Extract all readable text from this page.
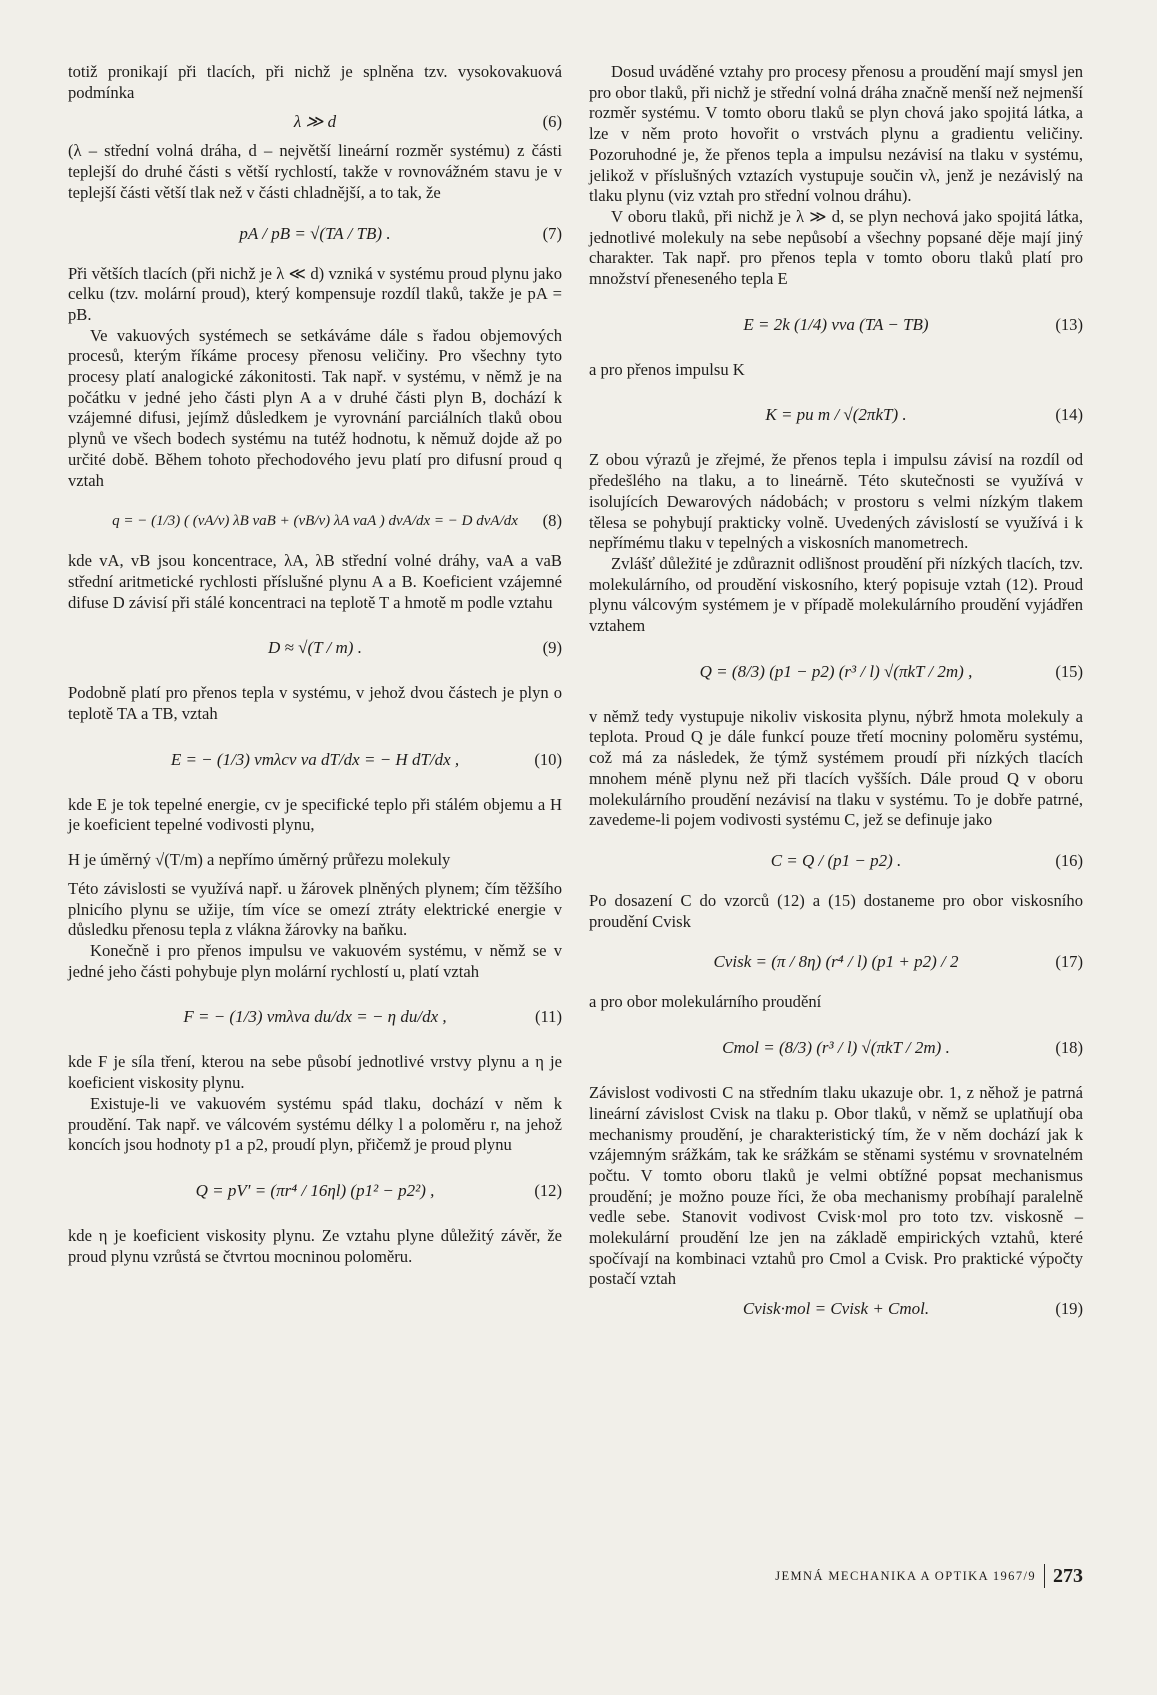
totiž pronikají při tlacích, při nichž je splněna tzv. vysokovakuová podmínka

λ ≫ d	(6)

(λ – střední volná dráha, d – největší lineární rozměr systému) z části teplejší do druhé části s větší rychlostí, takže v rovnovážném stavu je v teplejší části větší tlak než v části chladnější, a to tak, že

pA / pB = √(TA / TB) .	(7)

Při větších tlacích (při nichž je λ ≪ d) vzniká v systému proud plynu jako celku (tzv. molární proud), který kompensuje rozdíl tlaků, takže je pA = pB.

Ve vakuových systémech se setkáváme dále s řadou objemových procesů, kterým říkáme procesy přenosu veličiny. Pro všechny tyto procesy platí analogické zákonitosti. Tak např. v systému, v němž je na počátku v jedné jeho části plyn A a v druhé části plyn B, dochází k vzájemné difusi, jejímž důsledkem je vyrovnání parciálních tlaků obou plynů ve všech bodech systému na tutéž hodnotu, k němuž dojde až po určité době. Během tohoto přechodového jevu platí pro difusní proud q vztah

q = − (1/3) ( (vA/v) λB vaB + (vB/v) λA vaA ) dvA/dx = − D dvA/dx (8)

kde vA, vB jsou koncentrace, λA, λB střední volné dráhy, vaA a vaB střední aritmetické rychlosti příslušné plynu A a B. Koeficient vzájemné difuse D závisí při stálé koncentraci na teplotě T a hmotě m podle vztahu

D ≈ √(T / m) .	(9)

Podobně platí pro přenos tepla v systému, v jehož dvou částech je plyn o teplotě TA a TB, vztah

E = − (1/3) vmλcv va dT/dx = − H dT/dx ,	(10)

kde E je tok tepelné energie, cv je specifické teplo při stálém objemu a H je koeficient tepelné vodivosti plynu,

H je úměrný √(T/m) a nepřímo úměrný průřezu molekuly

Této závislosti se využívá např. u žárovek plněných plynem; čím těžšího plnicího plynu se užije, tím více se omezí ztráty elektrické energie v důsledku přenosu tepla z vlákna žárovky na baňku.

Konečně i pro přenos impulsu ve vakuovém systému, v němž se v jedné jeho části pohybuje plyn molární rychlostí u, platí vztah

F = − (1/3) vmλva du/dx = − η du/dx ,	(11)

kde F je síla tření, kterou na sebe působí jednotlivé vrstvy plynu a η je koeficient viskosity plynu.

Existuje-li ve vakuovém systému spád tlaku, dochází v něm k proudění. Tak např. ve válcovém systému délky l a poloměru r, na jehož koncích jsou hodnoty p1 a p2, proudí plyn, přičemž je proud plynu

Q = pV′ = (πr⁴ / 16ηl) (p1² − p2²) ,	(12)

kde η je koeficient viskosity plynu. Ze vztahu plyne důležitý závěr, že proud plynu vzrůstá se čtvrtou mocninou poloměru.

Dosud uváděné vztahy pro procesy přenosu a proudění mají smysl jen pro obor tlaků, při nichž je střední volná dráha značně menší než nejmenší rozměr systému. V tomto oboru tlaků se plyn chová jako spojitá látka, a lze v něm proto hovořit o vrstvách plynu a gradientu veličiny. Pozoruhodné je, že přenos tepla a impulsu nezávisí na tlaku v systému, jelikož v příslušných vztazích vystupuje součin vλ, jenž je nezávislý na tlaku plynu (viz vztah pro střední volnou dráhu).

V oboru tlaků, při nichž je λ ≫ d, se plyn nechová jako spojitá látka, jednotlivé molekuly na sebe nepůsobí a všechny popsané děje mají jiný charakter. Tak např. pro přenos tepla v tomto oboru tlaků platí pro množství přeneseného tepla E

E = 2k (1/4) vva (TA − TB)	(13)

a pro přenos impulsu K

K = pu m / √(2πkT) .	(14)

Z obou výrazů je zřejmé, že přenos tepla i impulsu závisí na rozdíl od předešlého na tlaku, a to lineárně. Této skutečnosti se využívá v isolujících Dewarových nádobách; v prostoru s velmi nízkým tlakem tělesa se pohybují prakticky volně. Uvedených závislostí se využívá i k nepřímému tlaku v tepelných a viskosních manometrech.

Zvlášť důležité je zdůraznit odlišnost proudění při nízkých tlacích, tzv. molekulárního, od proudění viskosního, který popisuje vztah (12). Proud plynu válcovým systémem je v případě molekulárního proudění vyjádřen vztahem

Q = (8/3) (p1 − p2) (r³ / l) √(πkT / 2m) ,	(15)

v němž tedy vystupuje nikoliv viskosita plynu, nýbrž hmota molekuly a teplota. Proud Q je dále funkcí pouze třetí mocniny poloměru systému, což má za následek, že týmž systémem proudí při nízkých tlacích mnohem méně plynu než při tlacích vyšších. Dále proud Q v oboru molekulárního proudění nezávisí na tlaku v systému. To je dobře patrné, zavedeme-li pojem vodivosti systému C, jež se definuje jako

C = Q / (p1 − p2) .	(16)

Po dosazení C do vzorců (12) a (15) dostaneme pro obor viskosního proudění Cvisk

Cvisk = (π / 8η) (r⁴ / l) (p1 + p2) / 2	(17)

a pro obor molekulárního proudění

Cmol = (8/3) (r³ / l) √(πkT / 2m) .	(18)

Závislost vodivosti C na středním tlaku ukazuje obr. 1, z něhož je patrná lineární závislost Cvisk na tlaku p. Obor tlaků, v němž se uplatňují oba mechanismy proudění, je charakteristický tím, že v něm dochází jak k vzájemným srážkám, tak ke srážkám se stěnami systému v srovnatelném počtu. V tomto oboru tlaků je velmi obtížné popsat mechanismus proudění; je možno pouze říci, že oba mechanismy probíhají paralelně vedle sebe. Stanovit vodivost Cvisk·mol pro toto tzv. viskosně – molekulární proudění lze jen na základě empirických vztahů, které spočívají na kombinaci vztahů pro Cmol a Cvisk. Pro praktické výpočty postačí vztah

Cvisk·mol = Cvisk + Cmol.	(19)
JEMNÁ MECHANIKA A OPTIKA 1967/9 273
